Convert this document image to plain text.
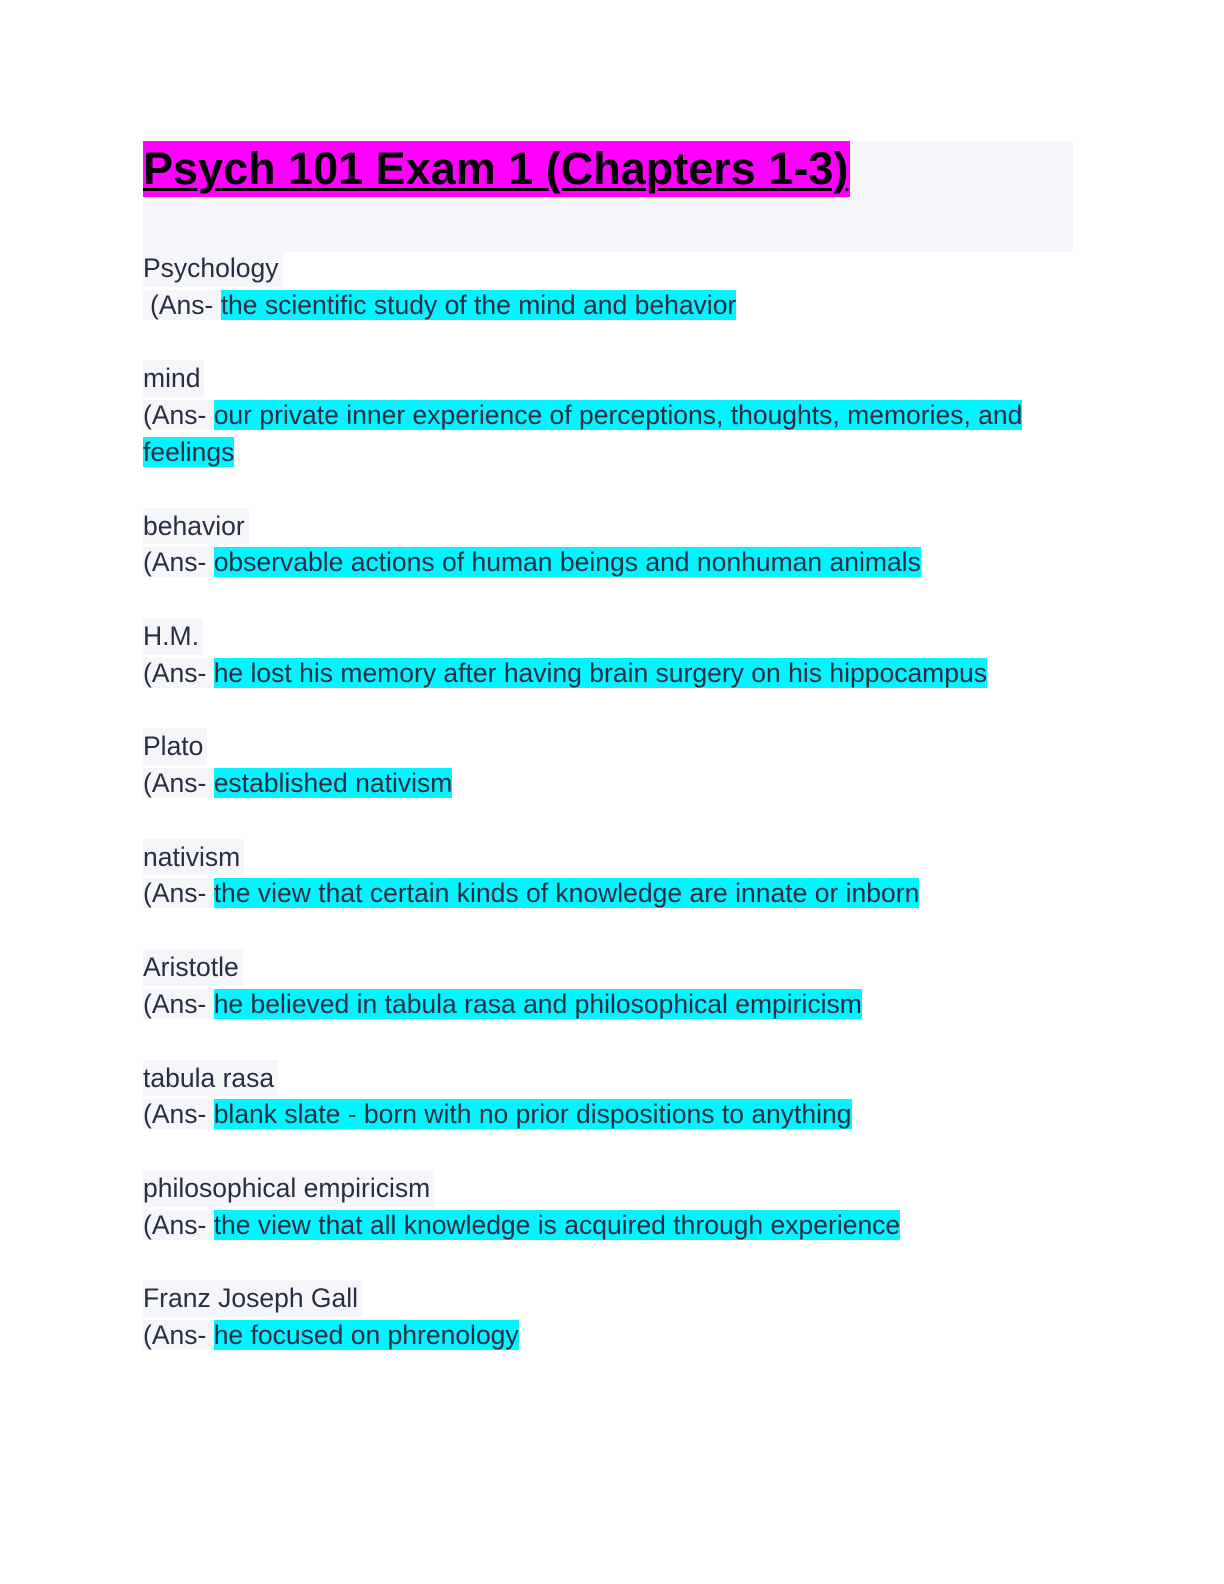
Psych 101 Exam 1 (Chapters 1-3)
Psychology
(Ans- the scientific study of the mind and behavior
mind
(Ans- our private inner experience of perceptions, thoughts, memories, and feelings
behavior
(Ans- observable actions of human beings and nonhuman animals
H.M.
(Ans- he lost his memory after having brain surgery on his hippocampus
Plato
(Ans- established nativism
nativism
(Ans- the view that certain kinds of knowledge are innate or inborn
Aristotle
(Ans- he believed in tabula rasa and philosophical empiricism
tabula rasa
(Ans- blank slate - born with no prior dispositions to anything
philosophical empiricism
(Ans- the view that all knowledge is acquired through experience
Franz Joseph Gall
(Ans- he focused on phrenology
